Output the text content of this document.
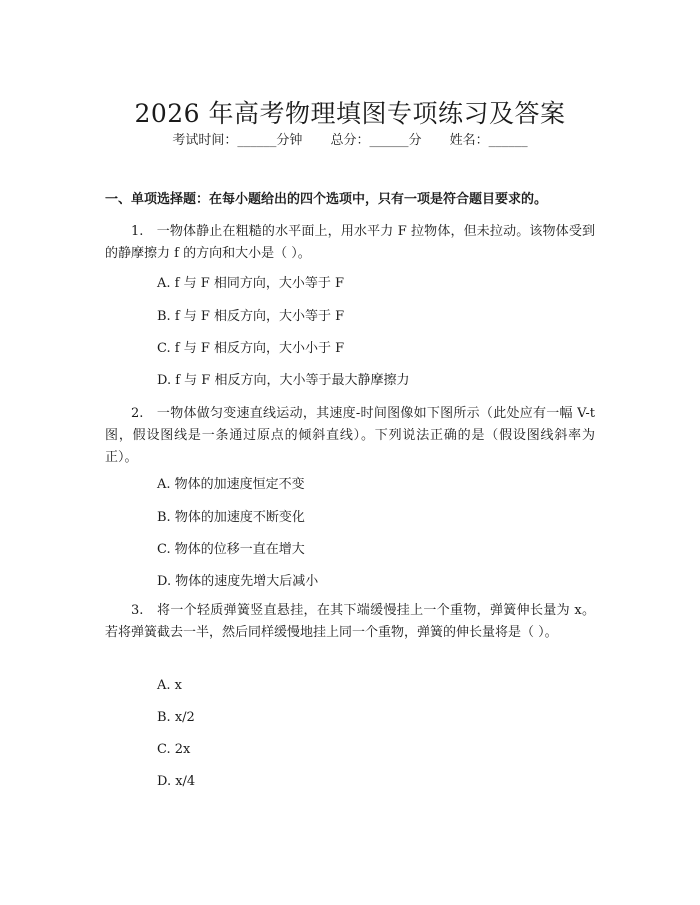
2026 年高考物理填图专项练习及答案
考试时间：______分钟 总分：______分 姓名：______
一、单项选择题：在每小题给出的四个选项中，只有一项是符合题目要求的。
1.　一物体静止在粗糙的水平面上，用水平力 F 拉物体，但未拉动。该物体受到的静摩擦力 f 的方向和大小是（ ）。
A. f 与 F 相同方向，大小等于 F
B. f 与 F 相反方向，大小等于 F
C. f 与 F 相反方向，大小小于 F
D. f 与 F 相反方向，大小等于最大静摩擦力
2.　一物体做匀变速直线运动，其速度-时间图像如下图所示（此处应有一幅 V-t 图，假设图线是一条通过原点的倾斜直线）。下列说法正确的是（假设图线斜率为正）。
A. 物体的加速度恒定不变
B. 物体的加速度不断变化
C. 物体的位移一直在增大
D. 物体的速度先增大后减小
3.　将一个轻质弹簧竖直悬挂，在其下端缓慢挂上一个重物，弹簧伸长量为 x。若将弹簧截去一半，然后同样缓慢地挂上同一个重物，弹簧的伸长量将是（ ）。
A. x
B. x/2
C. 2x
D. x/4
